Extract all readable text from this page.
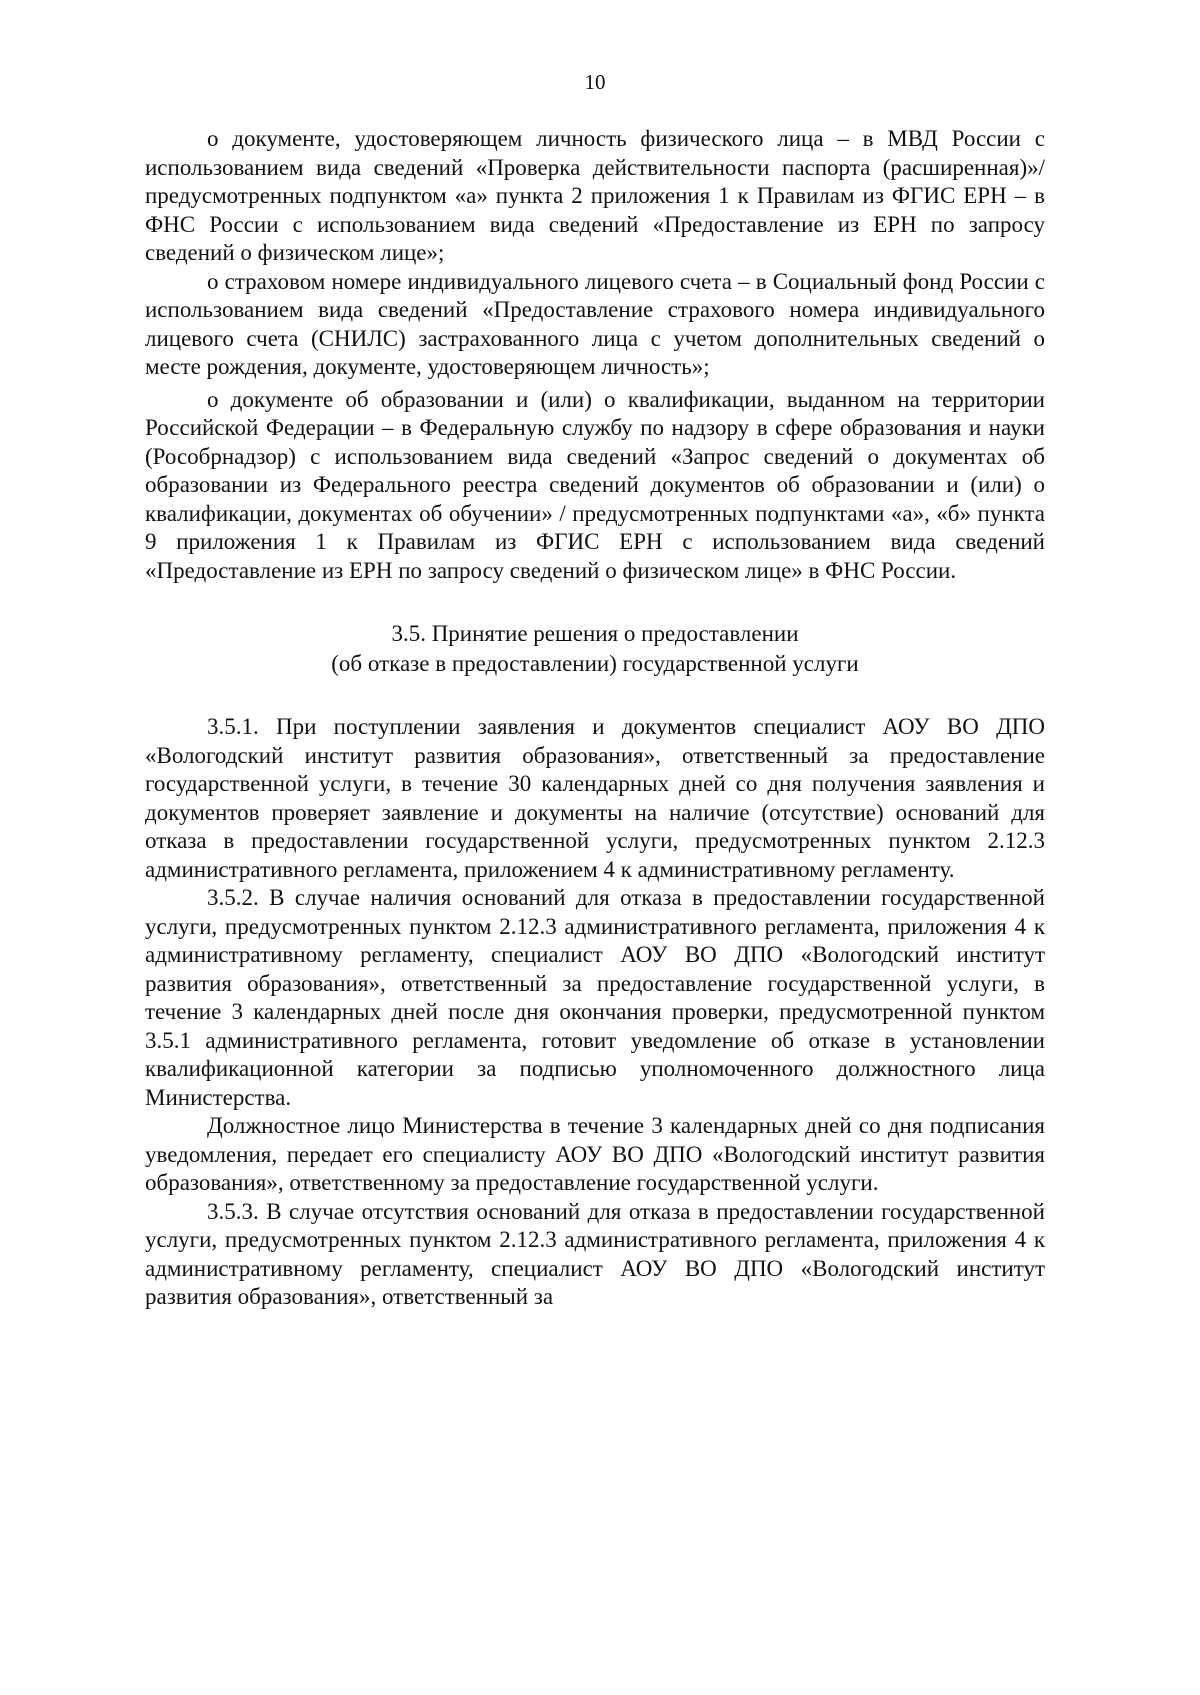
10

о документе, удостоверяющем личность физического лица – в МВД России с использованием вида сведений «Проверка действительности паспорта (расширенная)»/предусмотренных подпунктом «а» пункта 2 приложения 1 к Правилам из ФГИС ЕРН – в ФНС России с использованием вида сведений «Предоставление из ЕРН по запросу сведений о физическом лице»;

о страховом номере индивидуального лицевого счета – в Социальный фонд России с использованием вида сведений «Предоставление страхового номера индивидуального лицевого счета (СНИЛС) застрахованного лица с учетом дополнительных сведений о месте рождения, документе, удостоверяющем личность»;

о документе об образовании и (или) о квалификации, выданном на территории Российской Федерации – в Федеральную службу по надзору в сфере образования и науки (Рособрнадзор) с использованием вида сведений «Запрос сведений о документах об образовании из Федерального реестра сведений документов об образовании и (или) о квалификации, документах об обучении» / предусмотренных подпунктами «а», «б» пункта 9 приложения 1 к Правилам из ФГИС ЕРН с использованием вида сведений «Предоставление из ЕРН по запросу сведений о физическом лице» в ФНС России.

3.5. Принятие решения о предоставлении
(об отказе в предоставлении) государственной услуги

3.5.1. При поступлении заявления и документов специалист АОУ ВО ДПО «Вологодский институт развития образования», ответственный за предоставление государственной услуги, в течение 30 календарных дней со дня получения заявления и документов проверяет заявление и документы на наличие (отсутствие) оснований для отказа в предоставлении государственной услуги, предусмотренных пунктом 2.12.3 административного регламента, приложением 4 к административному регламенту.

3.5.2. В случае наличия оснований для отказа в предоставлении государственной услуги, предусмотренных пунктом 2.12.3 административного регламента, приложения 4 к административному регламенту, специалист АОУ ВО ДПО «Вологодский институт развития образования», ответственный за предоставление государственной услуги, в течение 3 календарных дней после дня окончания проверки, предусмотренной пунктом 3.5.1 административного регламента, готовит уведомление об отказе в установлении квалификационной категории за подписью уполномоченного должностного лица Министерства.

Должностное лицо Министерства в течение 3 календарных дней со дня подписания уведомления, передает его специалисту АОУ ВО ДПО «Вологодский институт развития образования», ответственному за предоставление государственной услуги.

3.5.3. В случае отсутствия оснований для отказа в предоставлении государственной услуги, предусмотренных пунктом 2.12.3 административного регламента, приложения 4 к административному регламенту, специалист АОУ ВО ДПО «Вологодский институт развития образования», ответственный за
